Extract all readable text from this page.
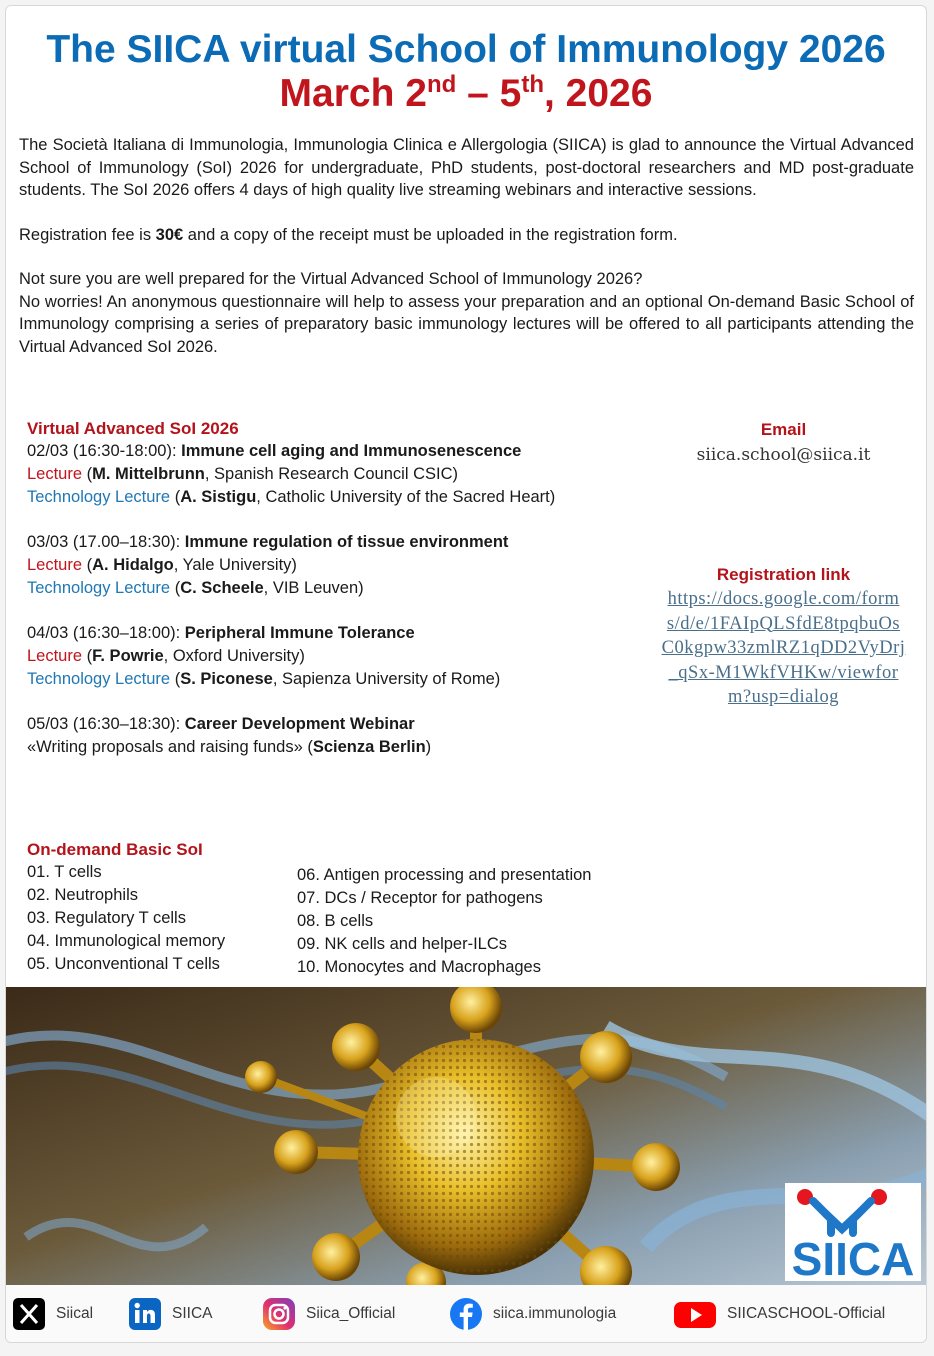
The SIICA virtual School of Immunology 2026
March 2nd – 5th, 2026

The Società Italiana di Immunologia, Immunologia Clinica e Allergologia (SIICA) is glad to announce the Virtual Advanced School of Immunology (SoI) 2026 for undergraduate, PhD students, post-doctoral researchers and MD post-graduate students. The SoI 2026 offers 4 days of high quality live streaming webinars and interactive sessions.

Registration fee is 30€ and a copy of the receipt must be uploaded in the registration form.

Not sure you are well prepared for the Virtual Advanced School of Immunology 2026?

No worries! An anonymous questionnaire will help to assess your preparation and an optional On-demand Basic School of Immunology comprising a series of preparatory basic immunology lectures will be offered to all participants attending the Virtual Advanced SoI 2026.

Virtual Advanced SoI 2026
02/03 (16:30-18:00): Immune cell aging and Immunosenescence
Lecture (M. Mittelbrunn, Spanish Research Council CSIC)
Technology Lecture (A. Sistigu, Catholic University of the Sacred Heart)
03/03 (17.00–18:30): Immune regulation of tissue environment
Lecture (A. Hidalgo, Yale University)
Technology Lecture (C. Scheele, VIB Leuven)
04/03 (16:30–18:00): Peripheral Immune Tolerance
Lecture (F. Powrie, Oxford University)
Technology Lecture (S. Piconese, Sapienza University of Rome)
05/03 (16:30–18:30): Career Development Webinar
«Writing proposals and raising funds» (Scienza Berlin)
Email
siica.school@siica.it
Registration link
https://docs.google.com/forms/d/e/1FAIpQLSfdE8tpqbuOsC0kgpw33zmlRZ1qDD2VyDrj_qSx-M1WkfVHKw/viewform?usp=dialog
On-demand Basic SoI
01. T cells
02. Neutrophils
03. Regulatory T cells
04. Immunological memory
05. Unconventional T cells
06. Antigen processing and presentation
07. DCs / Receptor for pathogens
08. B cells
09. NK cells and helper-ILCs
10. Monocytes and Macrophages
SIICA
Siical	SIICA	Siica_Official	siica.immunologia	SIICASCHOOL-Official
